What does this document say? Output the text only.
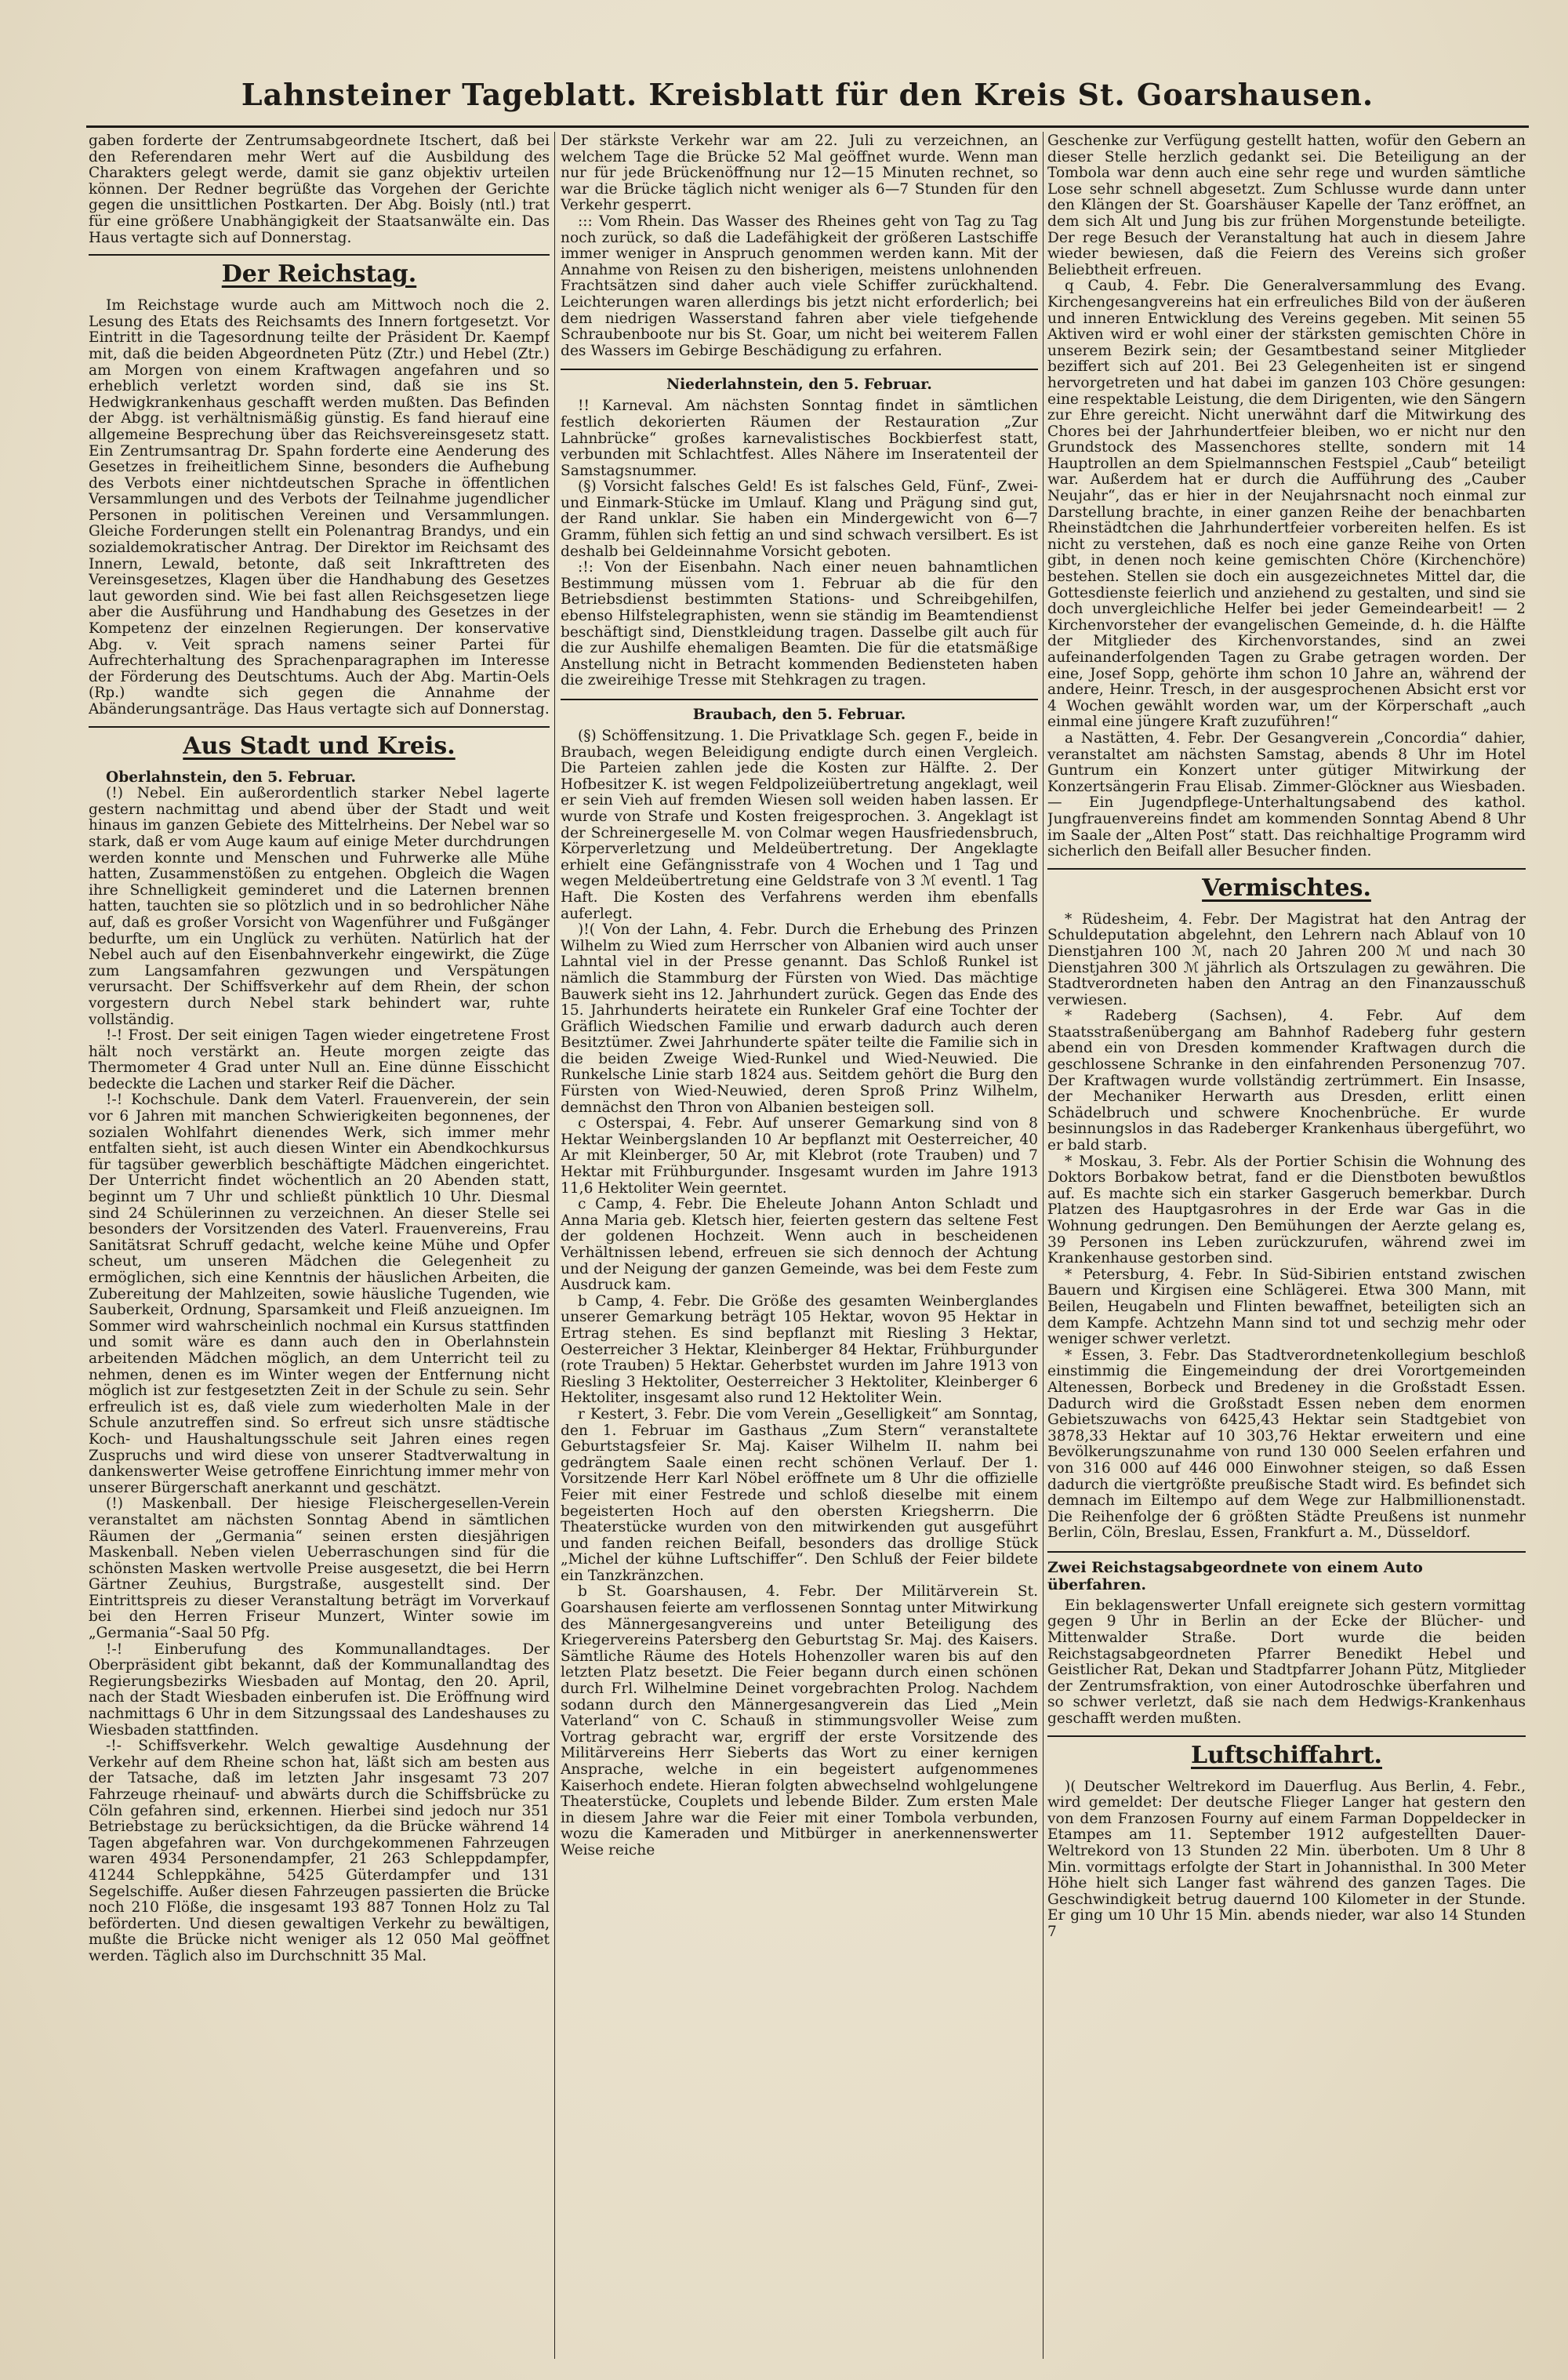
Lahnsteiner Tageblatt. Kreisblatt für den Kreis St. Goarshausen.

gaben forderte der Zentrumsabgeordnete Itschert, daß bei den Referendaren mehr Wert auf die Ausbildung des Charakters gelegt werde, damit sie ganz objektiv urteilen können. Der Redner begrüßte das Vorgehen der Gerichte gegen die unsittlichen Postkarten. Der Abg. Boisly (ntl.) trat für eine größere Unabhängigkeit der Staatsanwälte ein. Das Haus vertagte sich auf Donnerstag.

Der Reichstag.

Im Reichstage wurde auch am Mittwoch noch die 2. Lesung des Etats des Reichsamts des Innern fortgesetzt. Vor Eintritt in die Tagesordnung teilte der Präsident Dr. Kaempf mit, daß die beiden Abgeordneten Pütz (Ztr.) und Hebel (Ztr.) am Morgen von einem Kraftwagen angefahren und so erheblich verletzt worden sind, daß sie ins St. Hedwigkrankenhaus geschafft werden mußten. Das Befinden der Abgg. ist verhältnismäßig günstig. Es fand hierauf eine allgemeine Besprechung über das Reichsvereinsgesetz statt. Ein Zentrumsantrag Dr. Spahn forderte eine Aenderung des Gesetzes in freiheitlichem Sinne, besonders die Aufhebung des Verbots einer nichtdeutschen Sprache in öffentlichen Versammlungen und des Verbots der Teilnahme jugendlicher Personen in politischen Vereinen und Versammlungen. Gleiche Forderungen stellt ein Polenantrag Brandys, und ein sozialdemokratischer Antrag. Der Direktor im Reichsamt des Innern, Lewald, betonte, daß seit Inkrafttreten des Vereinsgesetzes, Klagen über die Handhabung des Gesetzes laut geworden sind. Wie bei fast allen Reichsgesetzen liege aber die Ausführung und Handhabung des Gesetzes in der Kompetenz der einzelnen Regierungen. Der konservative Abg. v. Veit sprach namens seiner Partei für Aufrechterhaltung des Sprachenparagraphen im Interesse der Förderung des Deutschtums. Auch der Abg. Martin-Oels (Rp.) wandte sich gegen die Annahme der Abänderungsanträge. Das Haus vertagte sich auf Donnerstag.

Aus Stadt und Kreis.
Oberlahnstein, den 5. Februar.

(!) Nebel. Ein außerordentlich starker Nebel lagerte gestern nachmittag und abend über der Stadt und weit hinaus im ganzen Gebiete des Mittelrheins. Der Nebel war so stark, daß er vom Auge kaum auf einige Meter durchdrungen werden konnte und Menschen und Fuhrwerke alle Mühe hatten, Zusammenstößen zu entgehen. Obgleich die Wagen ihre Schnelligkeit geminderet und die Laternen brennen hatten, tauchten sie so plötzlich und in so bedrohlicher Nähe auf, daß es großer Vorsicht von Wagenführer und Fußgänger bedurfte, um ein Unglück zu verhüten. Natürlich hat der Nebel auch auf den Eisenbahnverkehr eingewirkt, die Züge zum Langsamfahren gezwungen und Verspätungen verursacht. Der Schiffsverkehr auf dem Rhein, der schon vorgestern durch Nebel stark behindert war, ruhte vollständig.

!-! Frost. Der seit einigen Tagen wieder eingetretene Frost hält noch verstärkt an. Heute morgen zeigte das Thermometer 4 Grad unter Null an. Eine dünne Eisschicht bedeckte die Lachen und starker Reif die Dächer.

!-! Kochschule. Dank dem Vaterl. Frauenverein, der sein vor 6 Jahren mit manchen Schwierigkeiten begonnenes, der sozialen Wohlfahrt dienendes Werk, sich immer mehr entfalten sieht, ist auch diesen Winter ein Abendkochkursus für tagsüber gewerblich beschäftigte Mädchen eingerichtet. Der Unterricht findet wöchentlich an 20 Abenden statt, beginnt um 7 Uhr und schließt pünktlich 10 Uhr. Diesmal sind 24 Schülerinnen zu verzeichnen. An dieser Stelle sei besonders der Vorsitzenden des Vaterl. Frauenvereins, Frau Sanitätsrat Schruff gedacht, welche keine Mühe und Opfer scheut, um unseren Mädchen die Gelegenheit zu ermöglichen, sich eine Kenntnis der häuslichen Arbeiten, die Zubereitung der Mahlzeiten, sowie häusliche Tugenden, wie Sauberkeit, Ordnung, Sparsamkeit und Fleiß anzueignen. Im Sommer wird wahrscheinlich nochmal ein Kursus stattfinden und somit wäre es dann auch den in Oberlahnstein arbeitenden Mädchen möglich, an dem Unterricht teil zu nehmen, denen es im Winter wegen der Entfernung nicht möglich ist zur festgesetzten Zeit in der Schule zu sein. Sehr erfreulich ist es, daß viele zum wiederholten Male in der Schule anzutreffen sind. So erfreut sich unsre städtische Koch- und Haushaltungsschule seit Jahren eines regen Zuspruchs und wird diese von unserer Stadtverwaltung in dankenswerter Weise getroffene Einrichtung immer mehr von unserer Bürgerschaft anerkannt und geschätzt.

(!) Maskenball. Der hiesige Fleischergesellen-Verein veranstaltet am nächsten Sonntag Abend in sämtlichen Räumen der „Germania“ seinen ersten diesjährigen Maskenball. Neben vielen Ueberraschungen sind für die schönsten Masken wertvolle Preise ausgesetzt, die bei Herrn Gärtner Zeuhius, Burgstraße, ausgestellt sind. Der Eintrittspreis zu dieser Veranstaltung beträgt im Vorverkauf bei den Herren Friseur Munzert, Winter sowie im „Germania“-Saal 50 Pfg.

!-! Einberufung des Kommunallandtages. Der Oberpräsident gibt bekannt, daß der Kommunallandtag des Regierungsbezirks Wiesbaden auf Montag, den 20. April, nach der Stadt Wiesbaden einberufen ist. Die Eröffnung wird nachmittags 6 Uhr in dem Sitzungssaal des Landeshauses zu Wiesbaden stattfinden.

-!- Schiffsverkehr. Welch gewaltige Ausdehnung der Verkehr auf dem Rheine schon hat, läßt sich am besten aus der Tatsache, daß im letzten Jahr insgesamt 73 207 Fahrzeuge rheinauf- und abwärts durch die Schiffsbrücke zu Cöln gefahren sind, erkennen. Hierbei sind jedoch nur 351 Betriebstage zu berücksichtigen, da die Brücke während 14 Tagen abgefahren war. Von durchgekommenen Fahrzeugen waren 4934 Personendampfer, 21 263 Schleppdampfer, 41244 Schleppkähne, 5425 Güterdampfer und 131 Segelschiffe. Außer diesen Fahrzeugen passierten die Brücke noch 210 Flöße, die insgesamt 193 887 Tonnen Holz zu Tal beförderten. Und diesen gewaltigen Verkehr zu bewältigen, mußte die Brücke nicht weniger als 12 050 Mal geöffnet werden. Täglich also im Durchschnitt 35 Mal.

Der stärkste Verkehr war am 22. Juli zu verzeichnen, an welchem Tage die Brücke 52 Mal geöffnet wurde. Wenn man nur für jede Brückenöffnung nur 12—15 Minuten rechnet, so war die Brücke täglich nicht weniger als 6—7 Stunden für den Verkehr gesperrt.

::: Vom Rhein. Das Wasser des Rheines geht von Tag zu Tag noch zurück, so daß die Ladefähigkeit der größeren Lastschiffe immer weniger in Anspruch genommen werden kann. Mit der Annahme von Reisen zu den bisherigen, meistens unlohnenden Frachtsätzen sind daher auch viele Schiffer zurückhaltend. Leichterungen waren allerdings bis jetzt nicht erforderlich; bei dem niedrigen Wasserstand fahren aber viele tiefgehende Schraubenboote nur bis St. Goar, um nicht bei weiterem Fallen des Wassers im Gebirge Beschädigung zu erfahren.

Niederlahnstein, den 5. Februar.

!! Karneval. Am nächsten Sonntag findet in sämtlichen festlich dekorierten Räumen der Restauration „Zur Lahnbrücke“ großes karnevalistisches Bockbierfest statt, verbunden mit Schlachtfest. Alles Nähere im Inseratenteil der Samstagsnummer.

(§) Vorsicht falsches Geld! Es ist falsches Geld, Fünf-, Zwei- und Einmark-Stücke im Umlauf. Klang und Prägung sind gut, der Rand unklar. Sie haben ein Mindergewicht von 6—7 Gramm, fühlen sich fettig an und sind schwach versilbert. Es ist deshalb bei Geldeinnahme Vorsicht geboten.

:!: Von der Eisenbahn. Nach einer neuen bahnamtlichen Bestimmung müssen vom 1. Februar ab die für den Betriebsdienst bestimmten Stations- und Schreibgehilfen, ebenso Hilfstelegraphisten, wenn sie ständig im Beamtendienst beschäftigt sind, Dienstkleidung tragen. Dasselbe gilt auch für die zur Aushilfe ehemaligen Beamten. Die für die etatsmäßige Anstellung nicht in Betracht kommenden Bediensteten haben die zweireihige Tresse mit Stehkragen zu tragen.

Braubach, den 5. Februar.

(§) Schöffensitzung. 1. Die Privatklage Sch. gegen F., beide in Braubach, wegen Beleidigung endigte durch einen Vergleich. Die Parteien zahlen jede die Kosten zur Hälfte. 2. Der Hofbesitzer K. ist wegen Feldpolizeiübertretung angeklagt, weil er sein Vieh auf fremden Wiesen soll weiden haben lassen. Er wurde von Strafe und Kosten freigesprochen. 3. Angeklagt ist der Schreinergeselle M. von Colmar wegen Hausfriedensbruch, Körperverletzung und Meldeübertretung. Der Angeklagte erhielt eine Gefängnisstrafe von 4 Wochen und 1 Tag und wegen Meldeübertretung eine Geldstrafe von 3 ℳ eventl. 1 Tag Haft. Die Kosten des Verfahrens werden ihm ebenfalls auferlegt.

)!( Von der Lahn, 4. Febr. Durch die Erhebung des Prinzen Wilhelm zu Wied zum Herrscher von Albanien wird auch unser Lahntal viel in der Presse genannt. Das Schloß Runkel ist nämlich die Stammburg der Fürsten von Wied. Das mächtige Bauwerk sieht ins 12. Jahrhundert zurück. Gegen das Ende des 15. Jahrhunderts heiratete ein Runkeler Graf eine Tochter der Gräflich Wiedschen Familie und erwarb dadurch auch deren Besitztümer. Zwei Jahrhunderte später teilte die Familie sich in die beiden Zweige Wied-Runkel und Wied-Neuwied. Die Runkelsche Linie starb 1824 aus. Seitdem gehört die Burg den Fürsten von Wied-Neuwied, deren Sproß Prinz Wilhelm, demnächst den Thron von Albanien besteigen soll.

c Osterspai, 4. Febr. Auf unserer Gemarkung sind von 8 Hektar Weinbergslanden 10 Ar bepflanzt mit Oesterreicher, 40 Ar mit Kleinberger, 50 Ar, mit Klebrot (rote Trauben) und 7 Hektar mit Frühburgunder. Insgesamt wurden im Jahre 1913 11,6 Hektoliter Wein geerntet.

c Camp, 4. Febr. Die Eheleute Johann Anton Schladt und Anna Maria geb. Kletsch hier, feierten gestern das seltene Fest der goldenen Hochzeit. Wenn auch in bescheidenen Verhältnissen lebend, erfreuen sie sich dennoch der Achtung und der Neigung der ganzen Gemeinde, was bei dem Feste zum Ausdruck kam.

b Camp, 4. Febr. Die Größe des gesamten Weinberglandes unserer Gemarkung beträgt 105 Hektar, wovon 95 Hektar in Ertrag stehen. Es sind bepflanzt mit Riesling 3 Hektar, Oesterreicher 3 Hektar, Kleinberger 84 Hektar, Frühburgunder (rote Trauben) 5 Hektar. Geherbstet wurden im Jahre 1913 von Riesling 3 Hektoliter, Oesterreicher 3 Hektoliter, Kleinberger 6 Hektoliter, insgesamt also rund 12 Hektoliter Wein.

r Kestert, 3. Febr. Die vom Verein „Geselligkeit“ am Sonntag, den 1. Februar im Gasthaus „Zum Stern“ veranstaltete Geburtstagsfeier Sr. Maj. Kaiser Wilhelm II. nahm bei gedrängtem Saale einen recht schönen Verlauf. Der 1. Vorsitzende Herr Karl Nöbel eröffnete um 8 Uhr die offizielle Feier mit einer Festrede und schloß dieselbe mit einem begeisterten Hoch auf den obersten Kriegsherrn. Die Theaterstücke wurden von den mitwirkenden gut ausgeführt und fanden reichen Beifall, besonders das drollige Stück „Michel der kühne Luftschiffer“. Den Schluß der Feier bildete ein Tanzkränzchen.

b St. Goarshausen, 4. Febr. Der Militärverein St. Goarshausen feierte am verflossenen Sonntag unter Mitwirkung des Männergesangvereins und unter Beteiligung des Kriegervereins Patersberg den Geburtstag Sr. Maj. des Kaisers. Sämtliche Räume des Hotels Hohenzoller waren bis auf den letzten Platz besetzt. Die Feier begann durch einen schönen durch Frl. Wilhelmine Deinet vorgebrachten Prolog. Nachdem sodann durch den Männergesangverein das Lied „Mein Vaterland“ von C. Schauß in stimmungsvoller Weise zum Vortrag gebracht war, ergriff der erste Vorsitzende des Militärvereins Herr Sieberts das Wort zu einer kernigen Ansprache, welche in ein begeistert aufgenommenes Kaiserhoch endete. Hieran folgten abwechselnd wohlgelungene Theaterstücke, Couplets und lebende Bilder. Zum ersten Male in diesem Jahre war die Feier mit einer Tombola verbunden, wozu die Kameraden und Mitbürger in anerkennenswerter Weise reiche

Geschenke zur Verfügung gestellt hatten, wofür den Gebern an dieser Stelle herzlich gedankt sei. Die Beteiligung an der Tombola war denn auch eine sehr rege und wurden sämtliche Lose sehr schnell abgesetzt. Zum Schlusse wurde dann unter den Klängen der St. Goarshäuser Kapelle der Tanz eröffnet, an dem sich Alt und Jung bis zur frühen Morgenstunde beteiligte. Der rege Besuch der Veranstaltung hat auch in diesem Jahre wieder bewiesen, daß die Feiern des Vereins sich großer Beliebtheit erfreuen.

q Caub, 4. Febr. Die Generalversammlung des Evang. Kirchengesangvereins hat ein erfreuliches Bild von der äußeren und inneren Entwicklung des Vereins gegeben. Mit seinen 55 Aktiven wird er wohl einer der stärksten gemischten Chöre in unserem Bezirk sein; der Gesamtbestand seiner Mitglieder beziffert sich auf 201. Bei 23 Gelegenheiten ist er singend hervorgetreten und hat dabei im ganzen 103 Chöre gesungen: eine respektable Leistung, die dem Dirigenten, wie den Sängern zur Ehre gereicht. Nicht unerwähnt darf die Mitwirkung des Chores bei der Jahrhundertfeier bleiben, wo er nicht nur den Grundstock des Massenchores stellte, sondern mit 14 Hauptrollen an dem Spielmannschen Festspiel „Caub“ beteiligt war. Außerdem hat er durch die Aufführung des „Cauber Neujahr“, das er hier in der Neujahrsnacht noch einmal zur Darstellung brachte, in einer ganzen Reihe der benachbarten Rheinstädtchen die Jahrhundertfeier vorbereiten helfen. Es ist nicht zu verstehen, daß es noch eine ganze Reihe von Orten gibt, in denen noch keine gemischten Chöre (Kirchenchöre) bestehen. Stellen sie doch ein ausgezeichnetes Mittel dar, die Gottesdienste feierlich und anziehend zu gestalten, und sind sie doch unvergleichliche Helfer bei jeder Gemeindearbeit! — 2 Kirchenvorsteher der evangelischen Gemeinde, d. h. die Hälfte der Mitglieder des Kirchenvorstandes, sind an zwei aufeinanderfolgenden Tagen zu Grabe getragen worden. Der eine, Josef Sopp, gehörte ihm schon 10 Jahre an, während der andere, Heinr. Tresch, in der ausgesprochenen Absicht erst vor 4 Wochen gewählt worden war, um der Körperschaft „auch einmal eine jüngere Kraft zuzuführen!“

a Nastätten, 4. Febr. Der Gesangverein „Concordia“ dahier, veranstaltet am nächsten Samstag, abends 8 Uhr im Hotel Guntrum ein Konzert unter gütiger Mitwirkung der Konzertsängerin Frau Elisab. Zimmer-Glöckner aus Wiesbaden. — Ein Jugendpflege-Unterhaltungsabend des kathol. Jungfrauenvereins findet am kommenden Sonntag Abend 8 Uhr im Saale der „Alten Post“ statt. Das reichhaltige Programm wird sicherlich den Beifall aller Besucher finden.

Vermischtes.

* Rüdesheim, 4. Febr. Der Magistrat hat den Antrag der Schuldeputation abgelehnt, den Lehrern nach Ablauf von 10 Dienstjahren 100 ℳ, nach 20 Jahren 200 ℳ und nach 30 Dienstjahren 300 ℳ jährlich als Ortszulagen zu gewähren. Die Stadtverordneten haben den Antrag an den Finanzausschuß verwiesen.

* Radeberg (Sachsen), 4. Febr. Auf dem Staatsstraßenübergang am Bahnhof Radeberg fuhr gestern abend ein von Dresden kommender Kraftwagen durch die geschlossene Schranke in den einfahrenden Personenzug 707. Der Kraftwagen wurde vollständig zertrümmert. Ein Insasse, der Mechaniker Herwarth aus Dresden, erlitt einen Schädelbruch und schwere Knochenbrüche. Er wurde besinnungslos in das Radeberger Krankenhaus übergeführt, wo er bald starb.

* Moskau, 3. Febr. Als der Portier Schisin die Wohnung des Doktors Borbakow betrat, fand er die Dienstboten bewußtlos auf. Es machte sich ein starker Gasgeruch bemerkbar. Durch Platzen des Hauptgasrohres in der Erde war Gas in die Wohnung gedrungen. Den Bemühungen der Aerzte gelang es, 39 Personen ins Leben zurückzurufen, während zwei im Krankenhause gestorben sind.

* Petersburg, 4. Febr. In Süd-Sibirien entstand zwischen Bauern und Kirgisen eine Schlägerei. Etwa 300 Mann, mit Beilen, Heugabeln und Flinten bewaffnet, beteiligten sich an dem Kampfe. Achtzehn Mann sind tot und sechzig mehr oder weniger schwer verletzt.

* Essen, 3. Febr. Das Stadtverordnetenkollegium beschloß einstimmig die Eingemeindung der drei Vorortgemeinden Altenessen, Borbeck und Bredeney in die Großstadt Essen. Dadurch wird die Großstadt Essen neben dem enormen Gebietszuwachs von 6425,43 Hektar sein Stadtgebiet von 3878,33 Hektar auf 10 303,76 Hektar erweitern und eine Bevölkerungszunahme von rund 130 000 Seelen erfahren und von 316 000 auf 446 000 Einwohner steigen, so daß Essen dadurch die viertgrößte preußische Stadt wird. Es befindet sich demnach im Eiltempo auf dem Wege zur Halbmillionenstadt. Die Reihenfolge der 6 größten Städte Preußens ist nunmehr Berlin, Cöln, Breslau, Essen, Frankfurt a. M., Düsseldorf.

Zwei Reichstagsabgeordnete von einem Auto überfahren.

Ein beklagenswerter Unfall ereignete sich gestern vormittag gegen 9 Uhr in Berlin an der Ecke der Blücher- und Mittenwalder Straße. Dort wurde die beiden Reichstagsabgeordneten Pfarrer Benedikt Hebel und Geistlicher Rat, Dekan und Stadtpfarrer Johann Pütz, Mitglieder der Zentrumsfraktion, von einer Autodroschke überfahren und so schwer verletzt, daß sie nach dem Hedwigs-Krankenhaus geschafft werden mußten.

Luftschiffahrt.

)( Deutscher Weltrekord im Dauerflug. Aus Berlin, 4. Febr., wird gemeldet: Der deutsche Flieger Langer hat gestern den von dem Franzosen Fourny auf einem Farman Doppeldecker in Etampes am 11. September 1912 aufgestellten Dauer-Weltrekord von 13 Stunden 22 Min. überboten. Um 8 Uhr 8 Min. vormittags erfolgte der Start in Johannisthal. In 300 Meter Höhe hielt sich Langer fast während des ganzen Tages. Die Geschwindigkeit betrug dauernd 100 Kilometer in der Stunde. Er ging um 10 Uhr 15 Min. abends nieder, war also 14 Stunden 7
